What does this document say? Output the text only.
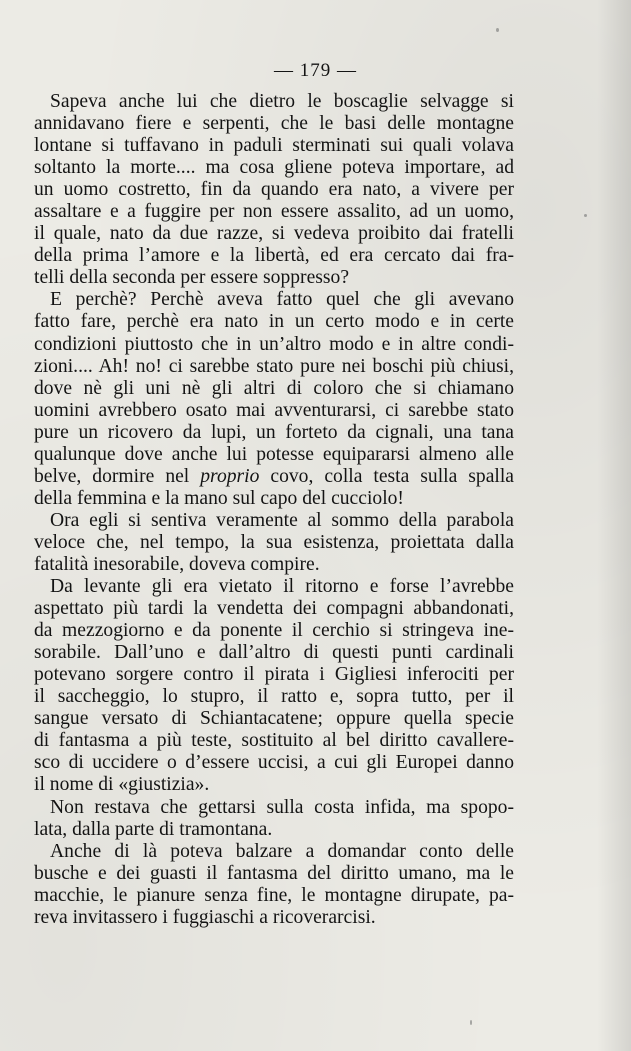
— 179 —
Sapeva anche lui che dietro le boscaglie selvagge si
annidavano fiere e serpenti, che le basi delle montagne
lontane si tuffavano in paduli sterminati sui quali volava
soltanto la morte.... ma cosa gliene poteva importare, ad
un uomo costretto, fin da quando era nato, a vivere per
assaltare e a fuggire per non essere assalito, ad un uomo,
il quale, nato da due razze, si vedeva proibito dai fratelli
della prima l’amore e la libertà, ed era cercato dai fra-
telli della seconda per essere soppresso?
E perchè? Perchè aveva fatto quel che gli avevano
fatto fare, perchè era nato in un certo modo e in certe
condizioni piuttosto che in un’altro modo e in altre condi-
zioni.... Ah! no! ci sarebbe stato pure nei boschi più chiusi,
dove nè gli uni nè gli altri di coloro che si chiamano
uomini avrebbero osato mai avventurarsi, ci sarebbe stato
pure un ricovero da lupi, un forteto da cignali, una tana
qualunque dove anche lui potesse equipararsi almeno alle
belve, dormire nel proprio covo, colla testa sulla spalla
della femmina e la mano sul capo del cucciolo!
Ora egli si sentiva veramente al sommo della parabola
veloce che, nel tempo, la sua esistenza, proiettata dalla
fatalità inesorabile, doveva compire.
Da levante gli era vietato il ritorno e forse l’avrebbe
aspettato più tardi la vendetta dei compagni abbandonati,
da mezzogiorno e da ponente il cerchio si stringeva ine-
sorabile. Dall’uno e dall’altro di questi punti cardinali
potevano sorgere contro il pirata i Gigliesi inferociti per
il saccheggio, lo stupro, il ratto e, sopra tutto, per il
sangue versato di Schiantacatene; oppure quella specie
di fantasma a più teste, sostituito al bel diritto cavallere-
sco di uccidere o d’essere uccisi, a cui gli Europei danno
il nome di «giustizia».
Non restava che gettarsi sulla costa infida, ma spopo-
lata, dalla parte di tramontana.
Anche di là poteva balzare a domandar conto delle
busche e dei guasti il fantasma del diritto umano, ma le
macchie, le pianure senza fine, le montagne dirupate, pa-
reva invitassero i fuggiaschi a ricoverarcisi.
